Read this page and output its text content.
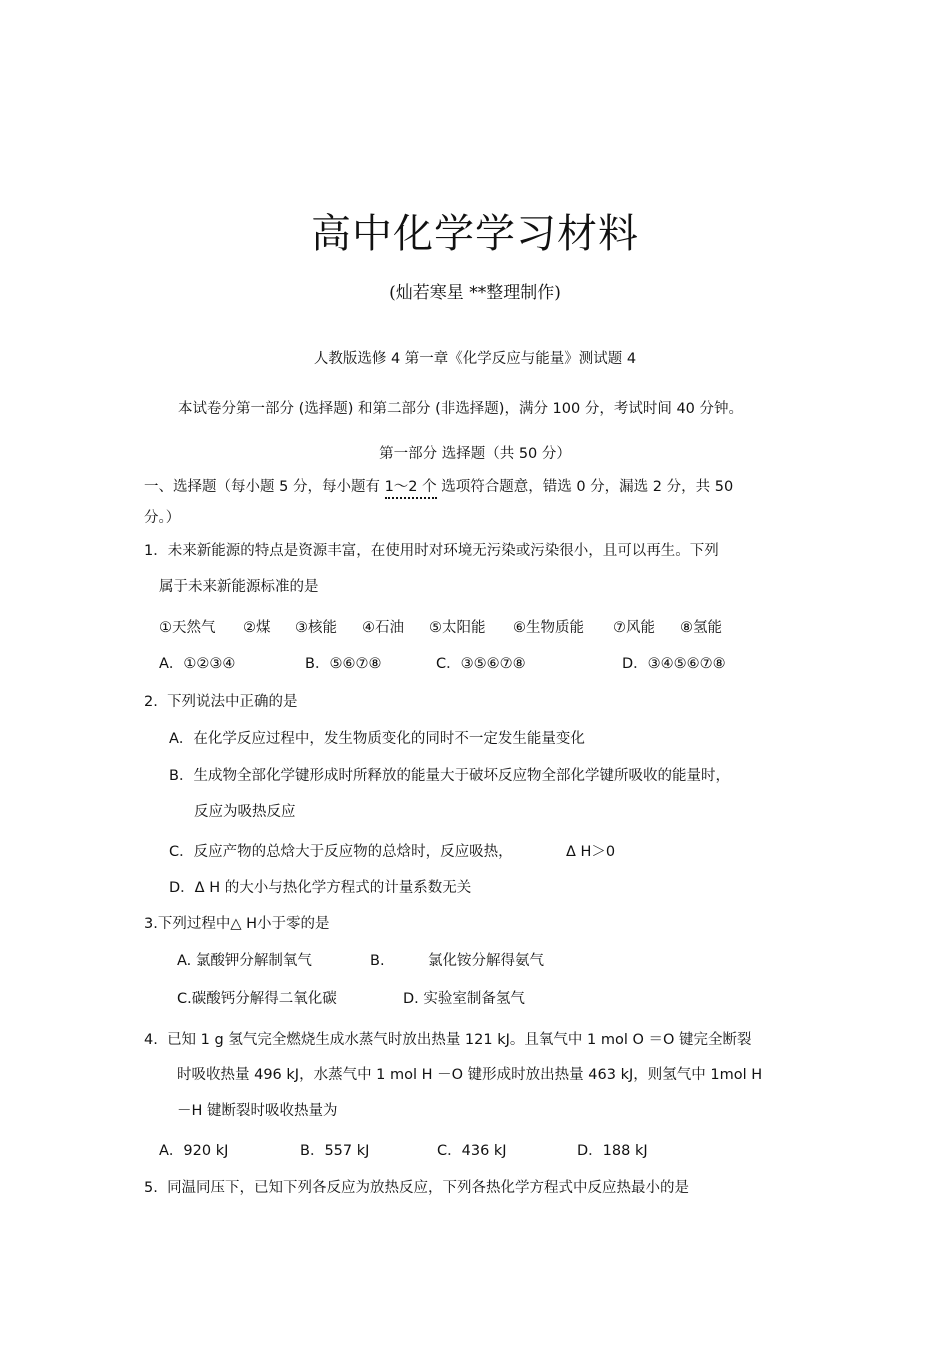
高中化学学习材料
(灿若寒星 **整理制作)
人教版选修 4 第一章《化学反应与能量》测试题 4
本试卷分第一部分 (选择题) 和第二部分 (非选择题)，满分 100 分，考试时间 40 分钟。
第一部分 选择题（共 50 分）
一、选择题（每小题 5 分，每小题有 1～2 个 选项符合题意，错选 0 分，漏选 2 分，共 50
分。）
1．未来新能源的特点是资源丰富，在使用时对环境无污染或污染很小，且可以再生。下列
属于未来新能源标准的是
①天然气 ②煤 ③核能 ④石油 ⑤太阳能 ⑥生物质能 ⑦风能 ⑧氢能
A．①②③④	B．⑤⑥⑦⑧	C．③⑤⑥⑦⑧	D．③④⑤⑥⑦⑧
2. 下列说法中正确的是
A．在化学反应过程中，发生物质变化的同时不一定发生能量变化
B．生成物全部化学键形成时所释放的能量大于破坏反应物全部化学键所吸收的能量时，
反应为吸热反应
C．反应产物的总焓大于反应物的总焓时，反应吸热，	Δ H＞0
D．Δ H 的大小与热化学方程式的计量系数无关
3.下列过程中△ H小于零的是
A. 氯酸钾分解制氧气	B.	氯化铵分解得氨气
C.碳酸钙分解得二氧化碳	D. 实验室制备氢气
4. 已知 1 g 氢气完全燃烧生成水蒸气时放出热量 121 kJ。且氧气中 1 mol O ＝O 键完全断裂
时吸收热量 496 kJ，水蒸气中 1 mol H －O 键形成时放出热量 463 kJ，则氢气中 1mol H
－H 键断裂时吸收热量为
A．920 kJ	B．557 kJ	C．436 kJ	D．188 kJ
5. 同温同压下，已知下列各反应为放热反应，下列各热化学方程式中反应热最小的是
